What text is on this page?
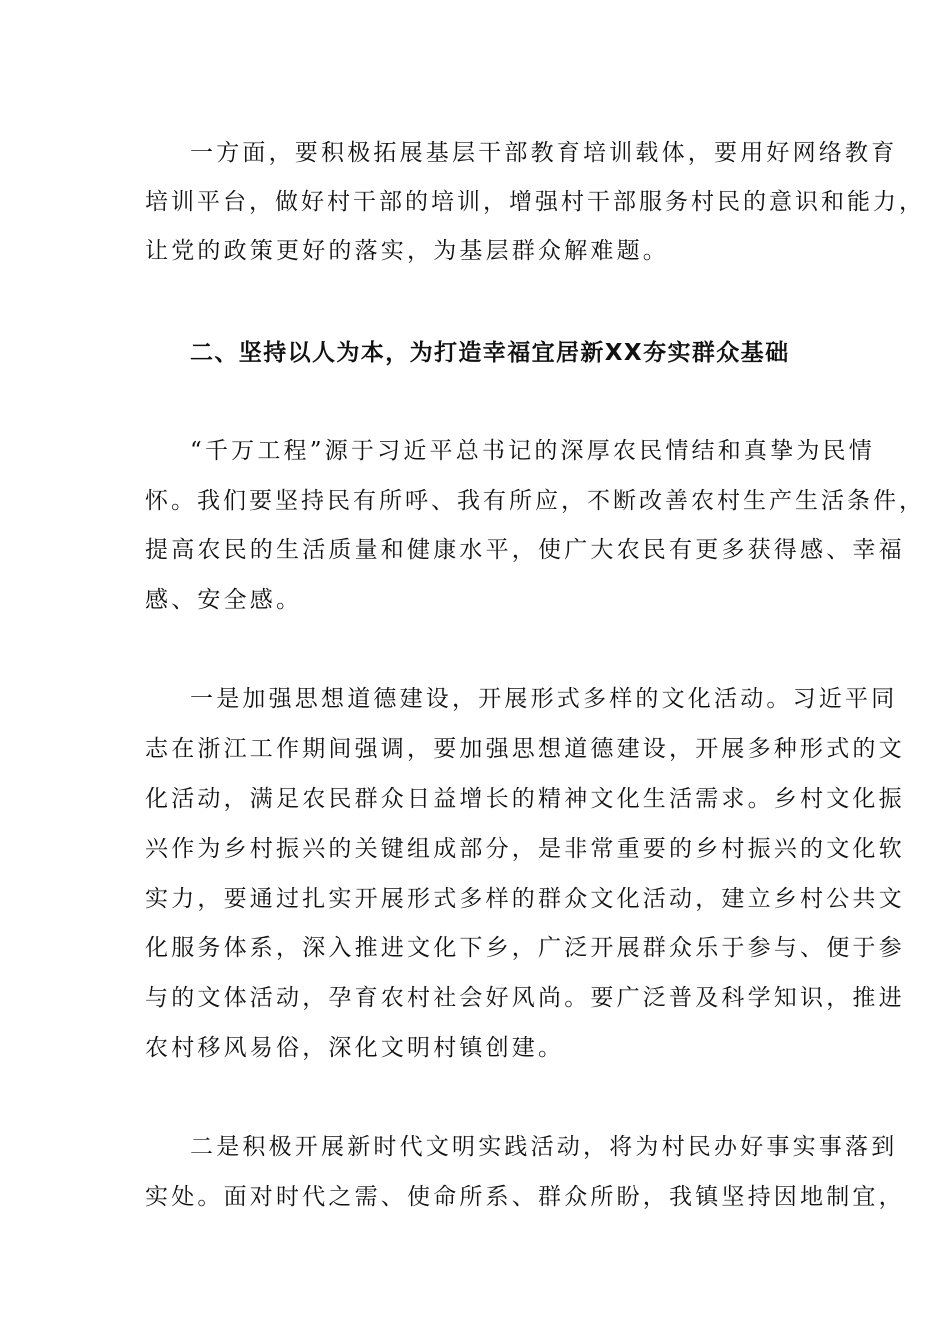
一方面，要积极拓展基层干部教育培训载体，要用好网络教育
培训平台，做好村干部的培训，增强村干部服务村民的意识和能力，
让党的政策更好的落实，为基层群众解难题。
二、坚持以人为本，为打造幸福宜居新XX夯实群众基础
“千万工程”源于习近平总书记的深厚农民情结和真挚为民情
怀。我们要坚持民有所呼、我有所应，不断改善农村生产生活条件，
提高农民的生活质量和健康水平，使广大农民有更多获得感、幸福
感、安全感。
一是加强思想道德建设，开展形式多样的文化活动。习近平同
志在浙江工作期间强调，要加强思想道德建设，开展多种形式的文
化活动，满足农民群众日益增长的精神文化生活需求。乡村文化振
兴作为乡村振兴的关键组成部分，是非常重要的乡村振兴的文化软
实力，要通过扎实开展形式多样的群众文化活动，建立乡村公共文
化服务体系，深入推进文化下乡，广泛开展群众乐于参与、便于参
与的文体活动，孕育农村社会好风尚。要广泛普及科学知识，推进
农村移风易俗，深化文明村镇创建。
二是积极开展新时代文明实践活动，将为村民办好事实事落到
实处。面对时代之需、使命所系、群众所盼，我镇坚持因地制宜，
